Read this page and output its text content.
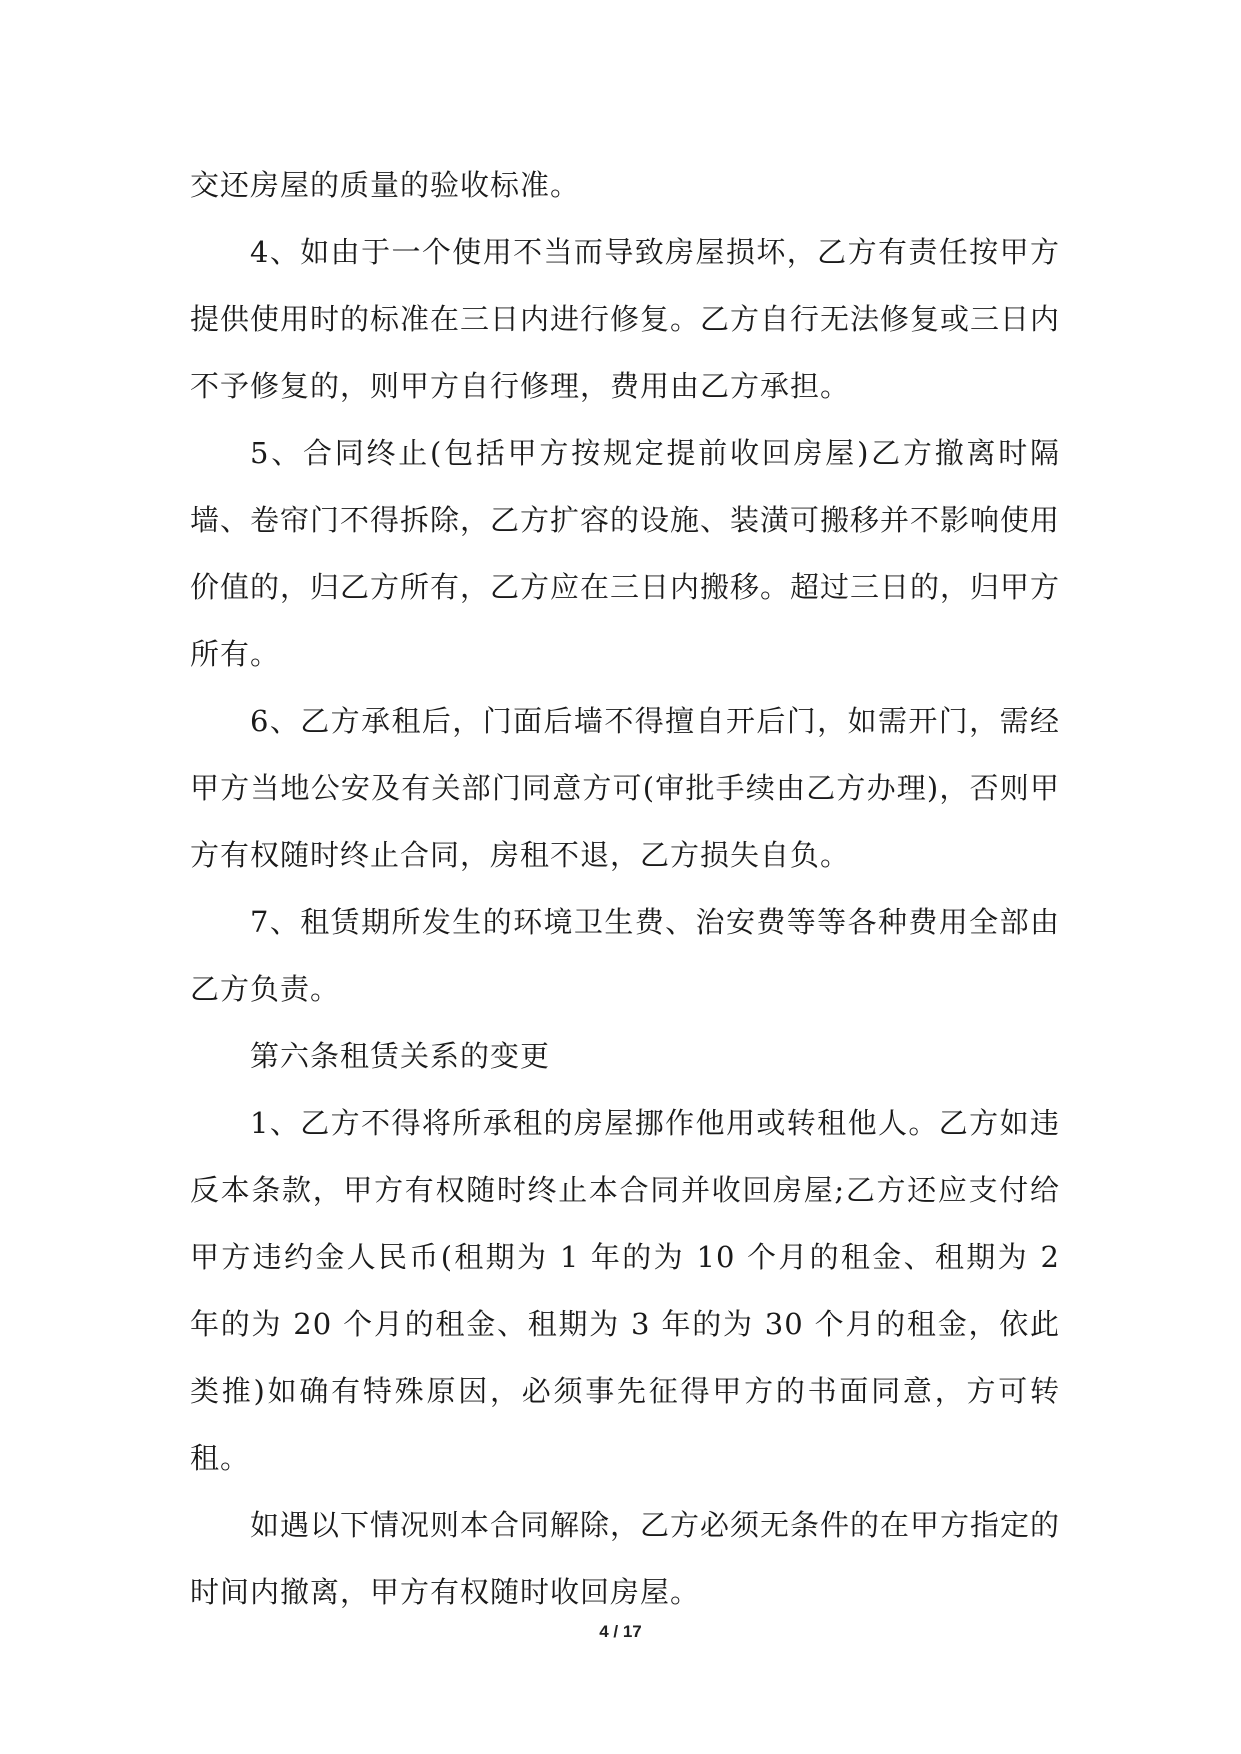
交还房屋的质量的验收标准。

4、如由于一个使用不当而导致房屋损坏，乙方有责任按甲方提供使用时的标准在三日内进行修复。乙方自行无法修复或三日内不予修复的，则甲方自行修理，费用由乙方承担。

5、合同终止(包括甲方按规定提前收回房屋)乙方撤离时隔墙、卷帘门不得拆除，乙方扩容的设施、装潢可搬移并不影响使用价值的，归乙方所有，乙方应在三日内搬移。超过三日的，归甲方所有。

6、乙方承租后，门面后墙不得擅自开后门，如需开门，需经甲方当地公安及有关部门同意方可(审批手续由乙方办理)，否则甲方有权随时终止合同，房租不退，乙方损失自负。

7、租赁期所发生的环境卫生费、治安费等等各种费用全部由乙方负责。

第六条租赁关系的变更

1、乙方不得将所承租的房屋挪作他用或转租他人。乙方如违反本条款，甲方有权随时终止本合同并收回房屋;乙方还应支付给甲方违约金人民币(租期为 1 年的为 10 个月的租金、租期为 2 年的为 20 个月的租金、租期为 3 年的为 30 个月的租金，依此类推)如确有特殊原因，必须事先征得甲方的书面同意，方可转租。

如遇以下情况则本合同解除，乙方必须无条件的在甲方指定的时间内撤离，甲方有权随时收回房屋。

4 / 17
